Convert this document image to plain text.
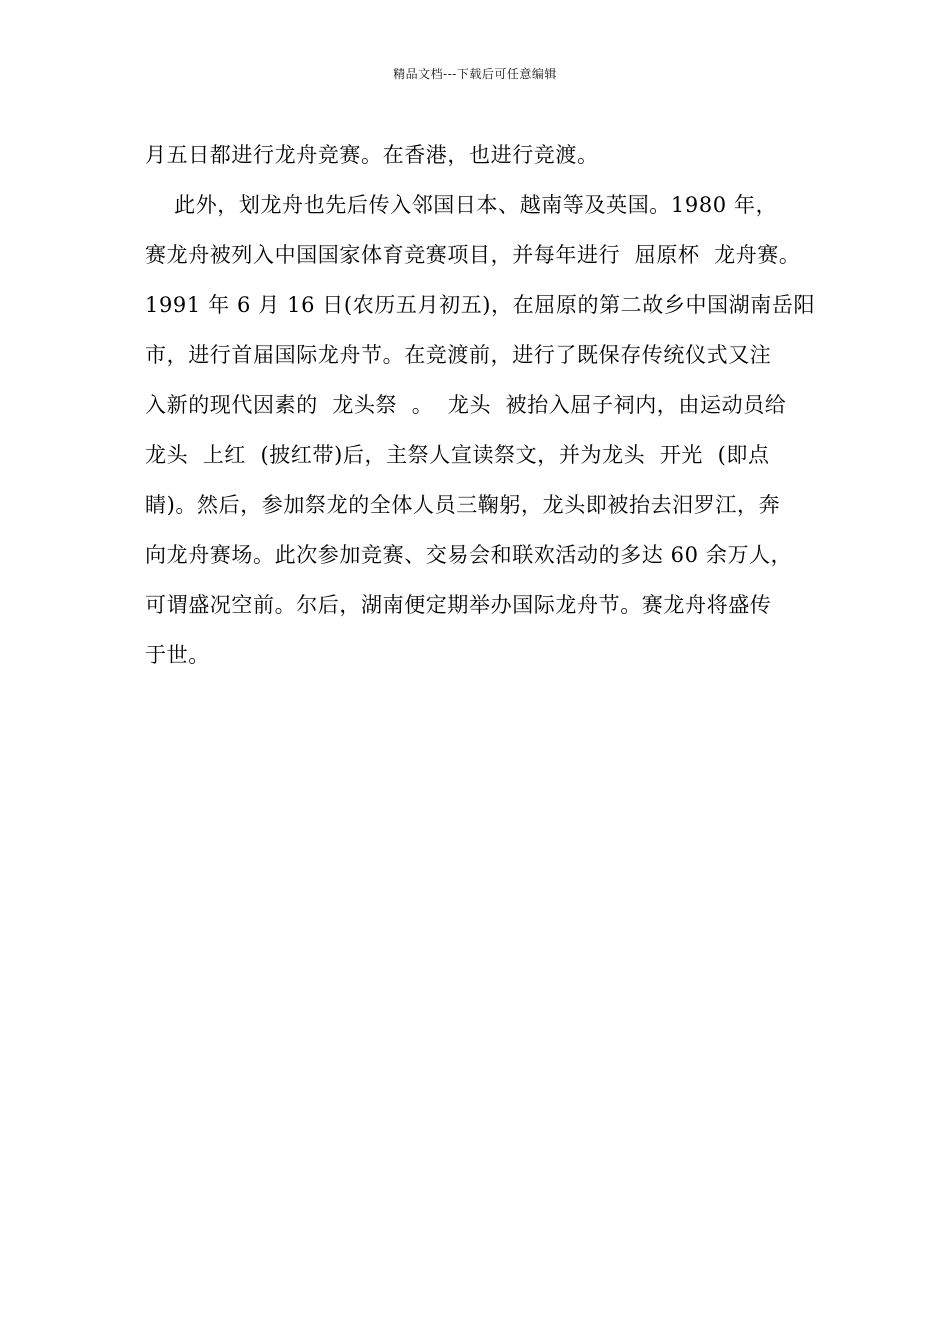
精品文档---下载后可任意编辑
月五日都进行龙舟竞赛。在香港，也进行竞渡。
此外，划龙舟也先后传入邻国日本、越南等及英国。1980 年，
赛龙舟被列入中国国家体育竞赛项目，并每年进行  屈原杯  龙舟赛。
1991 年 6 月 16 日(农历五月初五)，在屈原的第二故乡中国湖南岳阳
市，进行首届国际龙舟节。在竞渡前，进行了既保存传统仪式又注
入新的现代因素的  龙头祭  。  龙头  被抬入屈子祠内，由运动员给
龙头  上红  (披红带)后，主祭人宣读祭文，并为龙头  开光  (即点
睛)。然后，参加祭龙的全体人员三鞠躬，龙头即被抬去汨罗江，奔
向龙舟赛场。此次参加竞赛、交易会和联欢活动的多达 60 余万人，
可谓盛况空前。尔后，湖南便定期举办国际龙舟节。赛龙舟将盛传
于世。
